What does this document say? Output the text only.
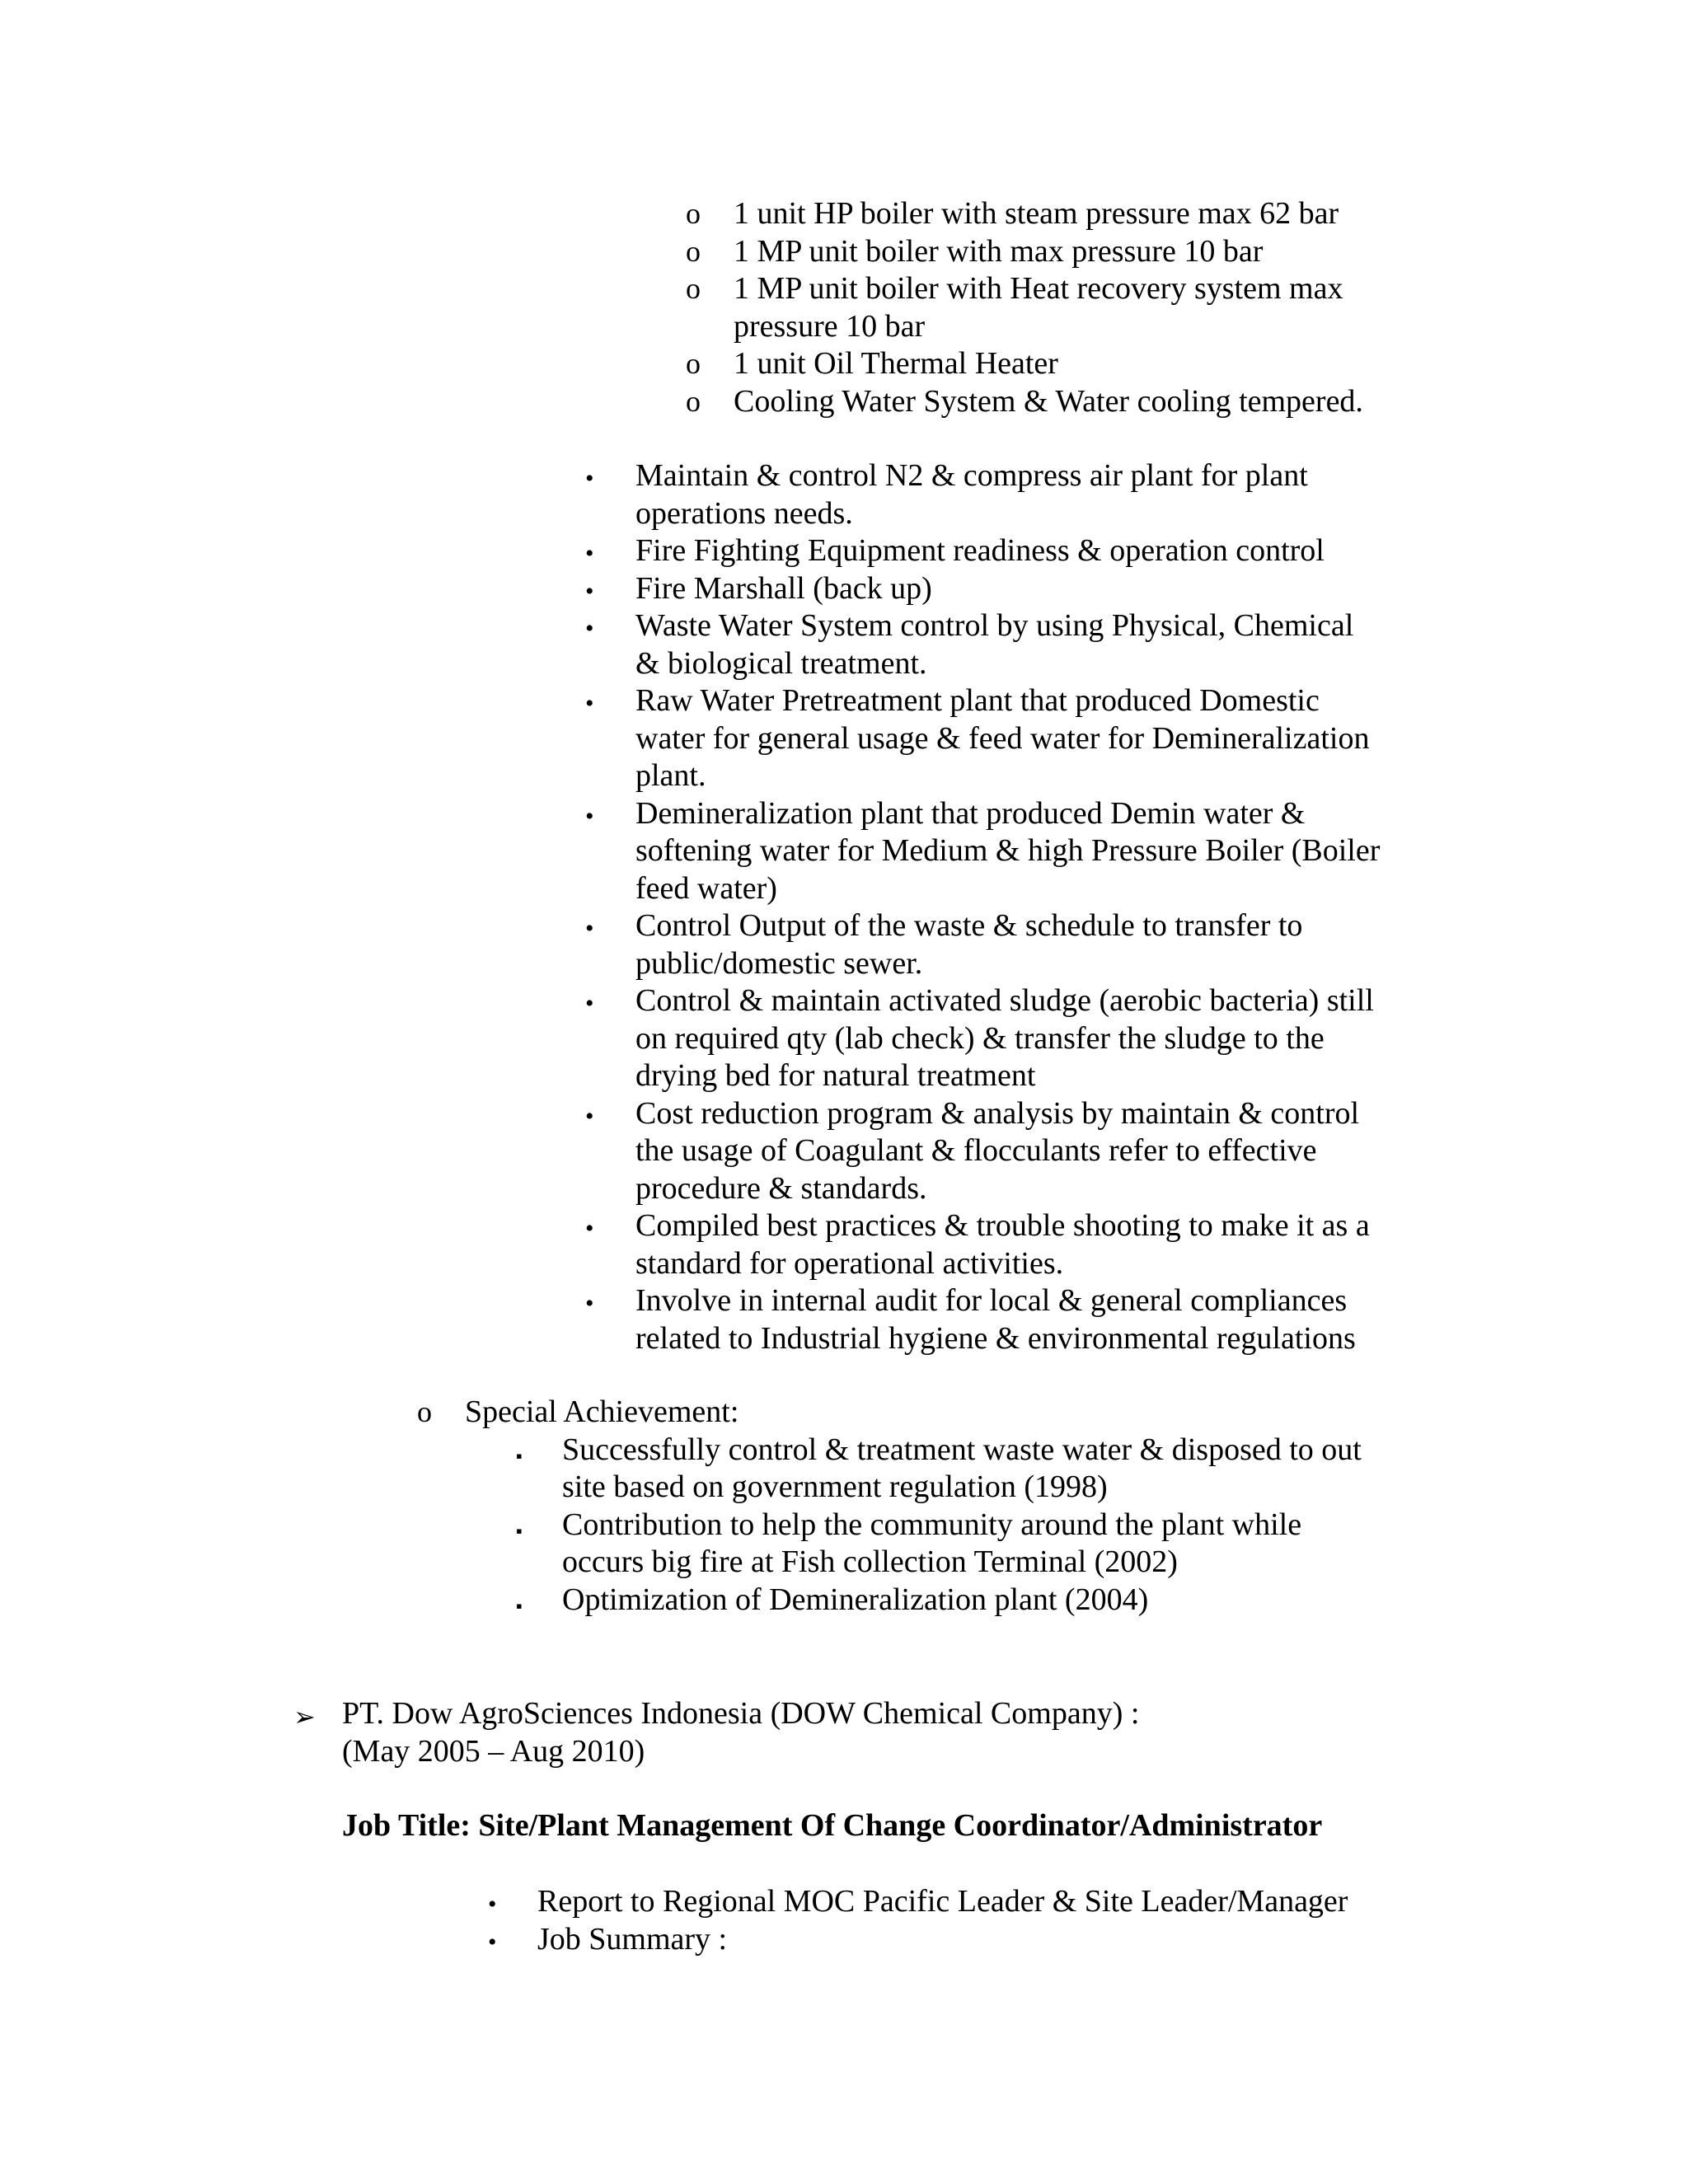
o 1 unit HP boiler with steam pressure max 62 bar
o 1 MP unit boiler with max pressure 10 bar
o 1 MP unit boiler with Heat recovery system max
pressure 10 bar
o 1 unit Oil Thermal Heater
o Cooling Water System & Water cooling tempered.
• Maintain & control N2 & compress air plant for plant
operations needs.
• Fire Fighting Equipment readiness & operation control
• Fire Marshall (back up)
• Waste Water System control by using Physical, Chemical
& biological treatment.
• Raw Water Pretreatment plant that produced Domestic
water for general usage & feed water for Demineralization
plant.
• Demineralization plant that produced Demin water &
softening water for Medium & high Pressure Boiler (Boiler
feed water)
• Control Output of the waste & schedule to transfer to
public/domestic sewer.
• Control & maintain activated sludge (aerobic bacteria) still
on required qty (lab check) & transfer the sludge to the
drying bed for natural treatment
• Cost reduction program & analysis by maintain & control
the usage of Coagulant & flocculants refer to effective
procedure & standards.
• Compiled best practices & trouble shooting to make it as a
standard for operational activities.
• Involve in internal audit for local & general compliances
related to Industrial hygiene & environmental regulations
o Special Achievement:
▪ Successfully control & treatment waste water & disposed to out
site based on government regulation (1998)
▪ Contribution to help the community around the plant while
occurs big fire at Fish collection Terminal (2002)
▪ Optimization of Demineralization plant (2004)
➢ PT. Dow AgroSciences Indonesia (DOW Chemical Company) :
(May 2005 – Aug 2010)
Job Title: Site/Plant Management Of Change Coordinator/Administrator
• Report to Regional MOC Pacific Leader & Site Leader/Manager
• Job Summary :
